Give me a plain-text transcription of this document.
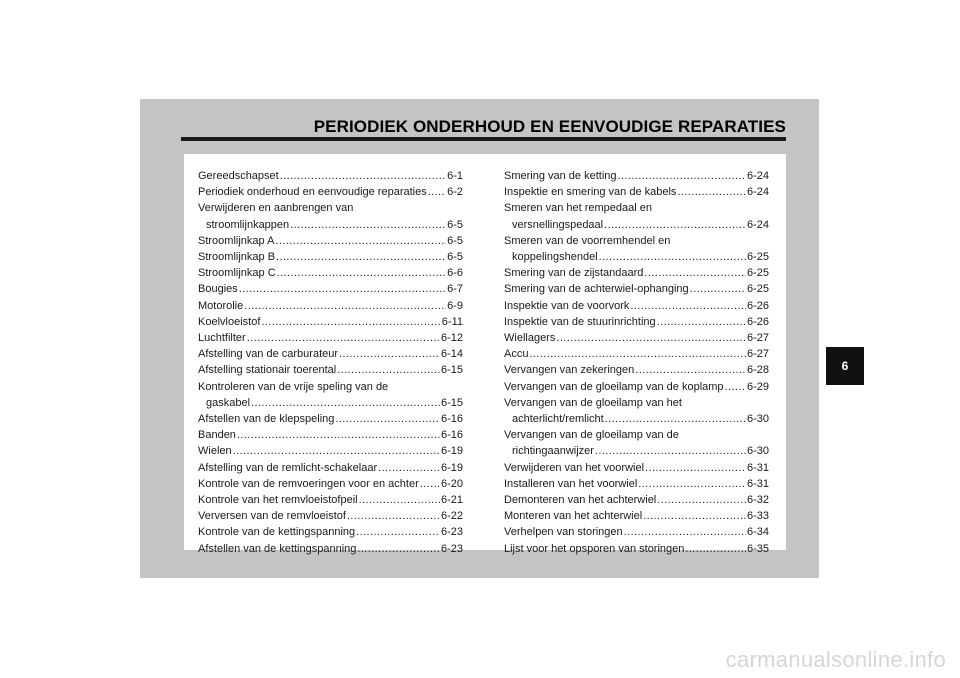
PERIODIEK ONDERHOUD EN EENVOUDIGE REPARATIES
Gereedschapset .....	6-1
Periodiek onderhoud en eenvoudige reparaties ..... 6-2
Verwijderen en aanbrengen van
stroomlijnkappen .....	6-5
Stroomlijnkap A .....	6-5
Stroomlijnkap B .....	6-5
Stroomlijnkap C .....	6-6
Bougies .....	6-7
Motorolie .....	6-9
Koelvloeistof .....	6-11
Luchtfilter .....	6-12
Afstelling van de carburateur .....	6-14
Afstelling stationair toerental .....	6-15
Kontroleren van de vrije speling van de
gaskabel .....	6-15
Afstellen van de klepspeling .....	6-16
Banden .....	6-16
Wielen .....	6-19
Afstelling van de remlicht-schakelaar .....	6-19
Kontrole van de remvoeringen voor en achter ..... 6-20
Kontrole van het remvloeistofpeil .....	6-21
Verversen van de remvloeistof .....	6-22
Kontrole van de kettingspanning .....	6-23
Afstellen van de kettingspanning .....	6-23
Smering van de ketting .....	6-24
Inspektie en smering van de kabels .....	6-24
Smeren van het rempedaal en
versnellingspedaal .....	6-24
Smeren van de voorremhendel en
koppelingshendel .....	6-25
Smering van de zijstandaard .....	6-25
Smering van de achterwiel-ophanging .....	6-25
Inspektie van de voorvork .....	6-26
Inspektie van de stuurinrichting .....	6-26
Wiellagers .....	6-27
Accu .....	6-27
Vervangen van zekeringen .....	6-28
Vervangen van de gloeilamp van de koplamp ..... 6-29
Vervangen van de gloeilamp van het
achterlicht/remlicht .....	6-30
Vervangen van de gloeilamp van de
richtingaanwijzer .....	6-30
Verwijderen van het voorwiel .....	6-31
Installeren van het voorwiel .....	6-31
Demonteren van het achterwiel .....	6-32
Monteren van het achterwiel .....	6-33
Verhelpen van storingen .....	6-34
Lijst voor het opsporen van storingen .....	6-35
6
carmanualsonline.info
